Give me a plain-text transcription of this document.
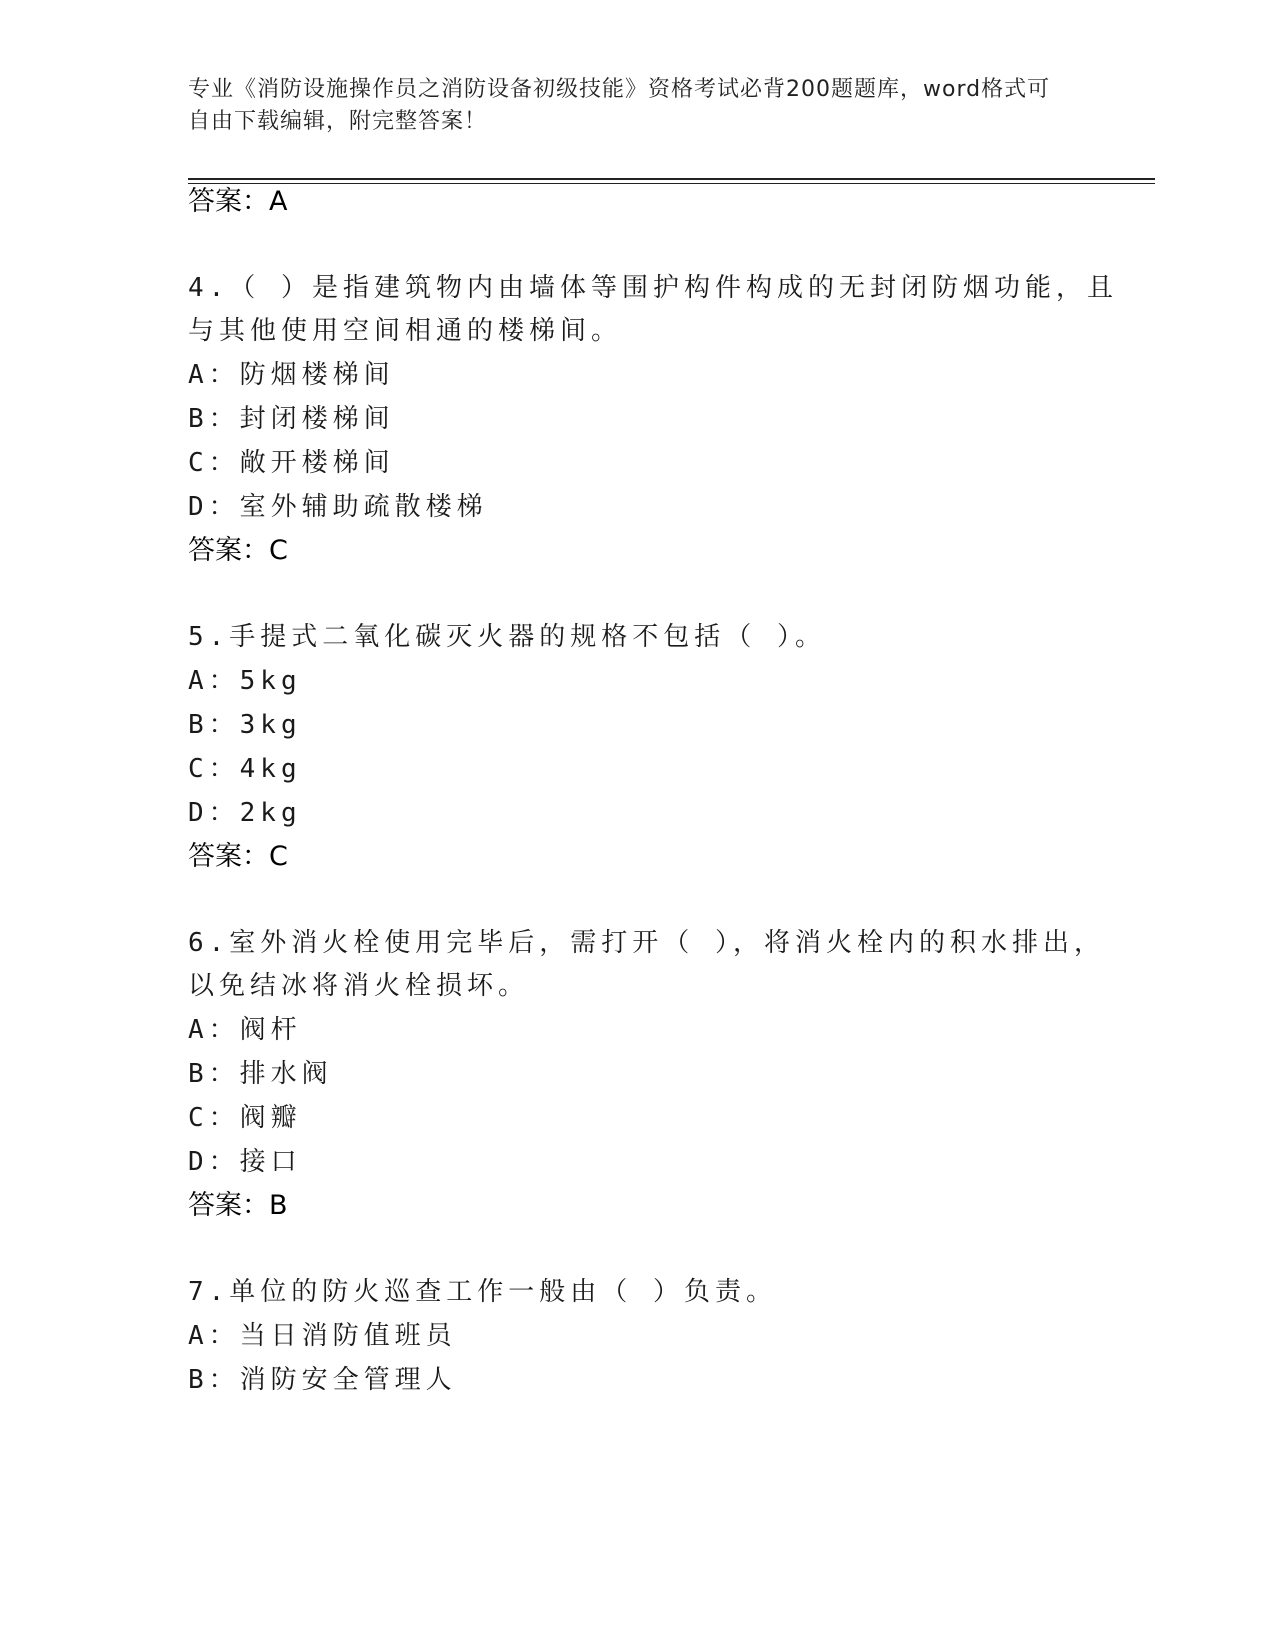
专业《消防设施操作员之消防设备初级技能》资格考试必背200题题库，word格式可自由下载编辑，附完整答案！
答案：A
4.（ ）是指建筑物内由墙体等围护构件构成的无封闭防烟功能，且
与其他使用空间相通的楼梯间。
A：防烟楼梯间
B：封闭楼梯间
C：敞开楼梯间
D：室外辅助疏散楼梯
答案：C
5.手提式二氧化碳灭火器的规格不包括（ ）。
A：5kg
B：3kg
C：4kg
D：2kg
答案：C
6.室外消火栓使用完毕后，需打开（ ），将消火栓内的积水排出，
以免结冰将消火栓损坏。
A：阀杆
B：排水阀
C：阀瓣
D：接口
答案：B
7.单位的防火巡查工作一般由（ ）负责。
A：当日消防值班员
B：消防安全管理人
